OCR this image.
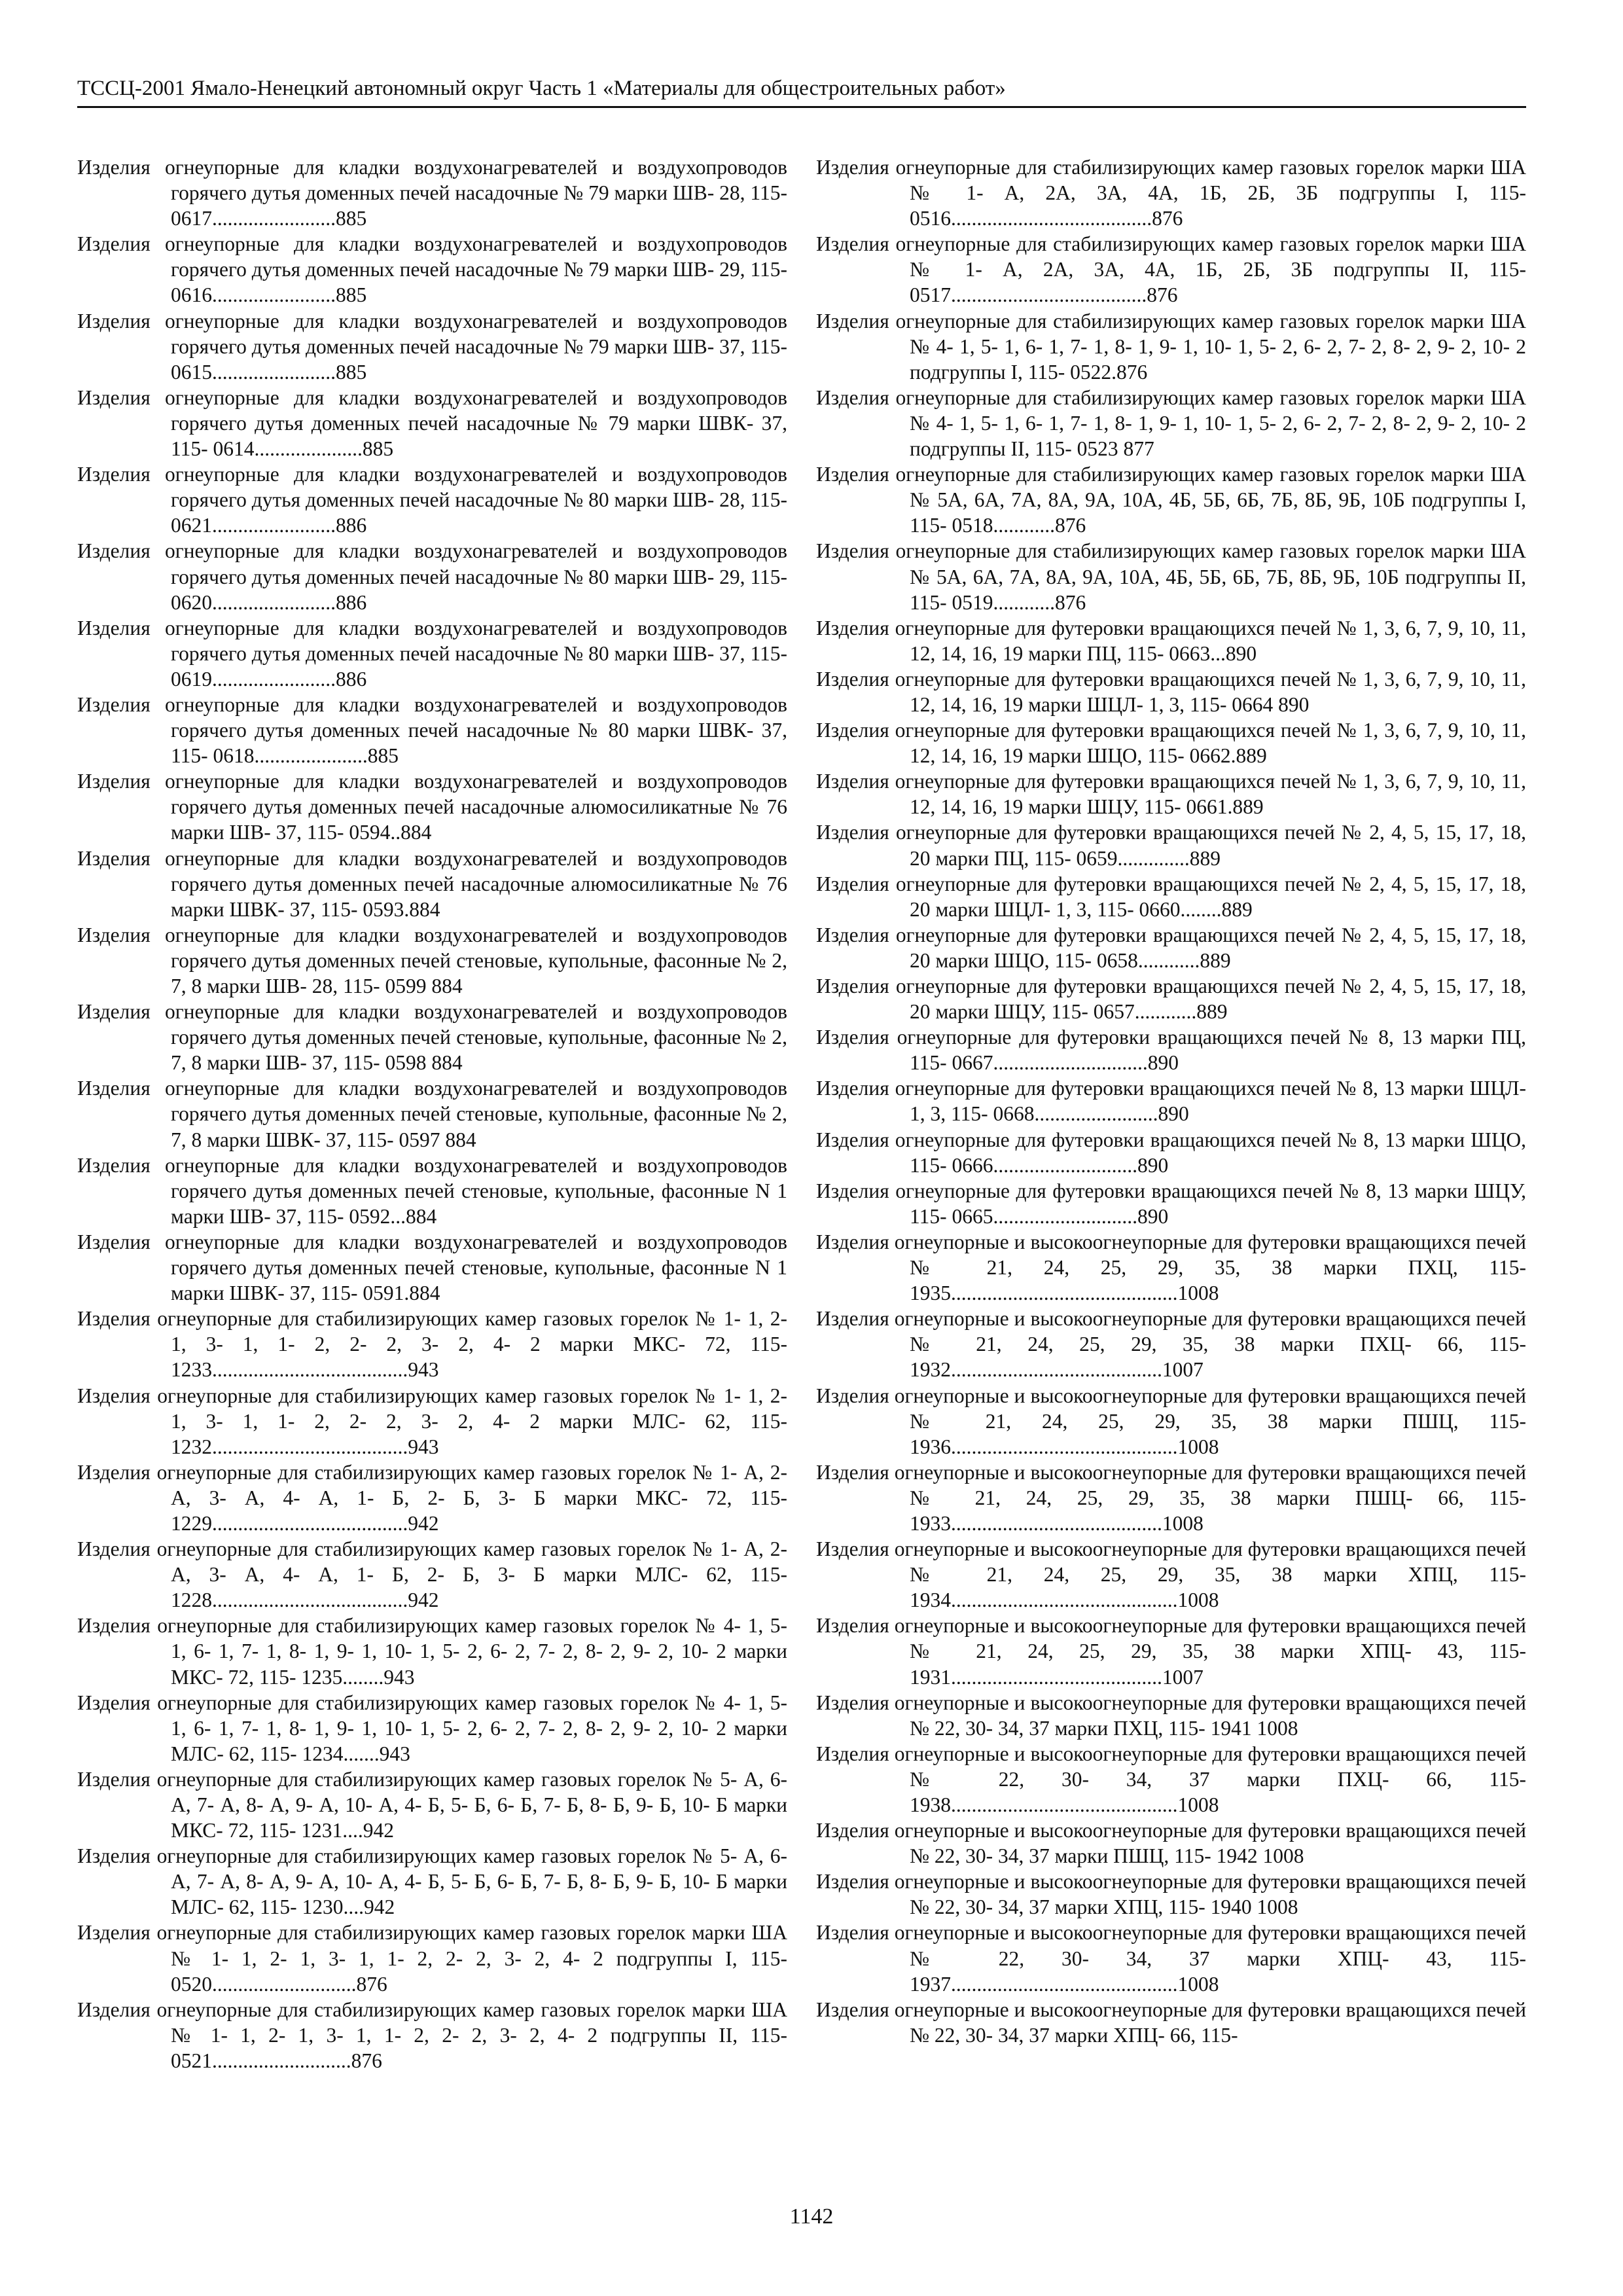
ТССЦ-2001 Ямало-Ненецкий автономный округ Часть 1 «Материалы для общестроительных работ»
Изделия огнеупорные для кладки воздухонагревателей и воздухопроводов горячего дутья доменных печей насадочные № 79 марки ШВ- 28, 115- 0617........................885
Изделия огнеупорные для кладки воздухонагревателей и воздухопроводов горячего дутья доменных печей насадочные № 79 марки ШВ- 29, 115- 0616........................885
Изделия огнеупорные для кладки воздухонагревателей и воздухопроводов горячего дутья доменных печей насадочные № 79 марки ШВ- 37, 115- 0615........................885
Изделия огнеупорные для кладки воздухонагревателей и воздухопроводов горячего дутья доменных печей насадочные № 79 марки ШВК- 37, 115- 0614.....................885
Изделия огнеупорные для кладки воздухонагревателей и воздухопроводов горячего дутья доменных печей насадочные № 80 марки ШВ- 28, 115- 0621........................886
Изделия огнеупорные для кладки воздухонагревателей и воздухопроводов горячего дутья доменных печей насадочные № 80 марки ШВ- 29, 115- 0620........................886
Изделия огнеупорные для кладки воздухонагревателей и воздухопроводов горячего дутья доменных печей насадочные № 80 марки ШВ- 37, 115- 0619........................886
Изделия огнеупорные для кладки воздухонагревателей и воздухопроводов горячего дутья доменных печей насадочные № 80 марки ШВК- 37, 115- 0618......................885
Изделия огнеупорные для кладки воздухонагревателей и воздухопроводов горячего дутья доменных печей насадочные алюмосиликатные № 76 марки ШВ- 37, 115- 0594..884
Изделия огнеупорные для кладки воздухонагревателей и воздухопроводов горячего дутья доменных печей насадочные алюмосиликатные № 76 марки ШВК- 37, 115- 0593.884
Изделия огнеупорные для кладки воздухонагревателей и воздухопроводов горячего дутья доменных печей стеновые, купольные, фасонные № 2, 7, 8 марки ШВ- 28, 115- 0599 884
Изделия огнеупорные для кладки воздухонагревателей и воздухопроводов горячего дутья доменных печей стеновые, купольные, фасонные № 2, 7, 8 марки ШВ- 37, 115- 0598 884
Изделия огнеупорные для кладки воздухонагревателей и воздухопроводов горячего дутья доменных печей стеновые, купольные, фасонные № 2, 7, 8 марки ШВК- 37, 115- 0597 884
Изделия огнеупорные для кладки воздухонагревателей и воздухопроводов горячего дутья доменных печей стеновые, купольные, фасонные N 1 марки ШВ- 37, 115- 0592...884
Изделия огнеупорные для кладки воздухонагревателей и воздухопроводов горячего дутья доменных печей стеновые, купольные, фасонные N 1 марки ШВК- 37, 115- 0591.884
Изделия огнеупорные для стабилизирующих камер газовых горелок № 1- 1, 2- 1, 3- 1, 1- 2, 2- 2, 3- 2, 4- 2 марки МКС- 72, 115- 1233......................................943
Изделия огнеупорные для стабилизирующих камер газовых горелок № 1- 1, 2- 1, 3- 1, 1- 2, 2- 2, 3- 2, 4- 2 марки МЛС- 62, 115- 1232......................................943
Изделия огнеупорные для стабилизирующих камер газовых горелок № 1- А, 2- А, 3- А, 4- А, 1- Б, 2- Б, 3- Б марки МКС- 72, 115- 1229......................................942
Изделия огнеупорные для стабилизирующих камер газовых горелок № 1- А, 2- А, 3- А, 4- А, 1- Б, 2- Б, 3- Б марки МЛС- 62, 115- 1228......................................942
Изделия огнеупорные для стабилизирующих камер газовых горелок № 4- 1, 5- 1, 6- 1, 7- 1, 8- 1, 9- 1, 10- 1, 5- 2, 6- 2, 7- 2, 8- 2, 9- 2, 10- 2 марки МКС- 72, 115- 1235........943
Изделия огнеупорные для стабилизирующих камер газовых горелок № 4- 1, 5- 1, 6- 1, 7- 1, 8- 1, 9- 1, 10- 1, 5- 2, 6- 2, 7- 2, 8- 2, 9- 2, 10- 2 марки МЛС- 62, 115- 1234.......943
Изделия огнеупорные для стабилизирующих камер газовых горелок № 5- А, 6- А, 7- А, 8- А, 9- А, 10- А, 4- Б, 5- Б, 6- Б, 7- Б, 8- Б, 9- Б, 10- Б марки МКС- 72, 115- 1231....942
Изделия огнеупорные для стабилизирующих камер газовых горелок № 5- А, 6- А, 7- А, 8- А, 9- А, 10- А, 4- Б, 5- Б, 6- Б, 7- Б, 8- Б, 9- Б, 10- Б марки МЛС- 62, 115- 1230....942
Изделия огнеупорные для стабилизирующих камер газовых горелок марки ША № 1- 1, 2- 1, 3- 1, 1- 2, 2- 2, 3- 2, 4- 2 подгруппы I, 115- 0520............................876
Изделия огнеупорные для стабилизирующих камер газовых горелок марки ША № 1- 1, 2- 1, 3- 1, 1- 2, 2- 2, 3- 2, 4- 2 подгруппы II, 115- 0521...........................876
Изделия огнеупорные для стабилизирующих камер газовых горелок марки ША № 1- А, 2А, 3А, 4А, 1Б, 2Б, 3Б подгруппы I, 115- 0516.......................................876
Изделия огнеупорные для стабилизирующих камер газовых горелок марки ША № 1- А, 2А, 3А, 4А, 1Б, 2Б, 3Б подгруппы II, 115- 0517......................................876
Изделия огнеупорные для стабилизирующих камер газовых горелок марки ША № 4- 1, 5- 1, 6- 1, 7- 1, 8- 1, 9- 1, 10- 1, 5- 2, 6- 2, 7- 2, 8- 2, 9- 2, 10- 2 подгруппы I, 115- 0522.876
Изделия огнеупорные для стабилизирующих камер газовых горелок марки ША № 4- 1, 5- 1, 6- 1, 7- 1, 8- 1, 9- 1, 10- 1, 5- 2, 6- 2, 7- 2, 8- 2, 9- 2, 10- 2 подгруппы II, 115- 0523 877
Изделия огнеупорные для стабилизирующих камер газовых горелок марки ША № 5А, 6А, 7А, 8А, 9А, 10А, 4Б, 5Б, 6Б, 7Б, 8Б, 9Б, 10Б подгруппы I, 115- 0518............876
Изделия огнеупорные для стабилизирующих камер газовых горелок марки ША № 5А, 6А, 7А, 8А, 9А, 10А, 4Б, 5Б, 6Б, 7Б, 8Б, 9Б, 10Б подгруппы II, 115- 0519............876
Изделия огнеупорные для футеровки вращающихся печей № 1, 3, 6, 7, 9, 10, 11, 12, 14, 16, 19 марки ПЦ, 115- 0663...890
Изделия огнеупорные для футеровки вращающихся печей № 1, 3, 6, 7, 9, 10, 11, 12, 14, 16, 19 марки ШЦЛ- 1, 3, 115- 0664 890
Изделия огнеупорные для футеровки вращающихся печей № 1, 3, 6, 7, 9, 10, 11, 12, 14, 16, 19 марки ШЦО, 115- 0662.889
Изделия огнеупорные для футеровки вращающихся печей № 1, 3, 6, 7, 9, 10, 11, 12, 14, 16, 19 марки ШЦУ, 115- 0661.889
Изделия огнеупорные для футеровки вращающихся печей № 2, 4, 5, 15, 17, 18, 20 марки ПЦ, 115- 0659..............889
Изделия огнеупорные для футеровки вращающихся печей № 2, 4, 5, 15, 17, 18, 20 марки ШЦЛ- 1, 3, 115- 0660........889
Изделия огнеупорные для футеровки вращающихся печей № 2, 4, 5, 15, 17, 18, 20 марки ШЦО, 115- 0658............889
Изделия огнеупорные для футеровки вращающихся печей № 2, 4, 5, 15, 17, 18, 20 марки ШЦУ, 115- 0657............889
Изделия огнеупорные для футеровки вращающихся печей № 8, 13 марки ПЦ, 115- 0667..............................890
Изделия огнеупорные для футеровки вращающихся печей № 8, 13 марки ШЦЛ- 1, 3, 115- 0668........................890
Изделия огнеупорные для футеровки вращающихся печей № 8, 13 марки ШЦО, 115- 0666............................890
Изделия огнеупорные для футеровки вращающихся печей № 8, 13 марки ШЦУ, 115- 0665............................890
Изделия огнеупорные и высокоогнеупорные для футеровки вращающихся печей № 21, 24, 25, 29, 35, 38 марки ПХЦ, 115- 1935............................................1008
Изделия огнеупорные и высокоогнеупорные для футеровки вращающихся печей № 21, 24, 25, 29, 35, 38 марки ПХЦ- 66, 115- 1932.........................................1007
Изделия огнеупорные и высокоогнеупорные для футеровки вращающихся печей № 21, 24, 25, 29, 35, 38 марки ПШЦ, 115- 1936............................................1008
Изделия огнеупорные и высокоогнеупорные для футеровки вращающихся печей № 21, 24, 25, 29, 35, 38 марки ПШЦ- 66, 115- 1933.........................................1008
Изделия огнеупорные и высокоогнеупорные для футеровки вращающихся печей № 21, 24, 25, 29, 35, 38 марки ХПЦ, 115- 1934............................................1008
Изделия огнеупорные и высокоогнеупорные для футеровки вращающихся печей № 21, 24, 25, 29, 35, 38 марки ХПЦ- 43, 115- 1931.........................................1007
Изделия огнеупорные и высокоогнеупорные для футеровки вращающихся печей № 22, 30- 34, 37 марки ПХЦ, 115- 1941 1008
Изделия огнеупорные и высокоогнеупорные для футеровки вращающихся печей № 22, 30- 34, 37 марки ПХЦ- 66, 115- 1938............................................1008
Изделия огнеупорные и высокоогнеупорные для футеровки вращающихся печей № 22, 30- 34, 37 марки ПШЦ, 115- 1942 1008
Изделия огнеупорные и высокоогнеупорные для футеровки вращающихся печей № 22, 30- 34, 37 марки ХПЦ, 115- 1940 1008
Изделия огнеупорные и высокоогнеупорные для футеровки вращающихся печей № 22, 30- 34, 37 марки ХПЦ- 43, 115- 1937............................................1008
Изделия огнеупорные и высокоогнеупорные для футеровки вращающихся печей № 22, 30- 34, 37 марки ХПЦ- 66, 115-
1142
